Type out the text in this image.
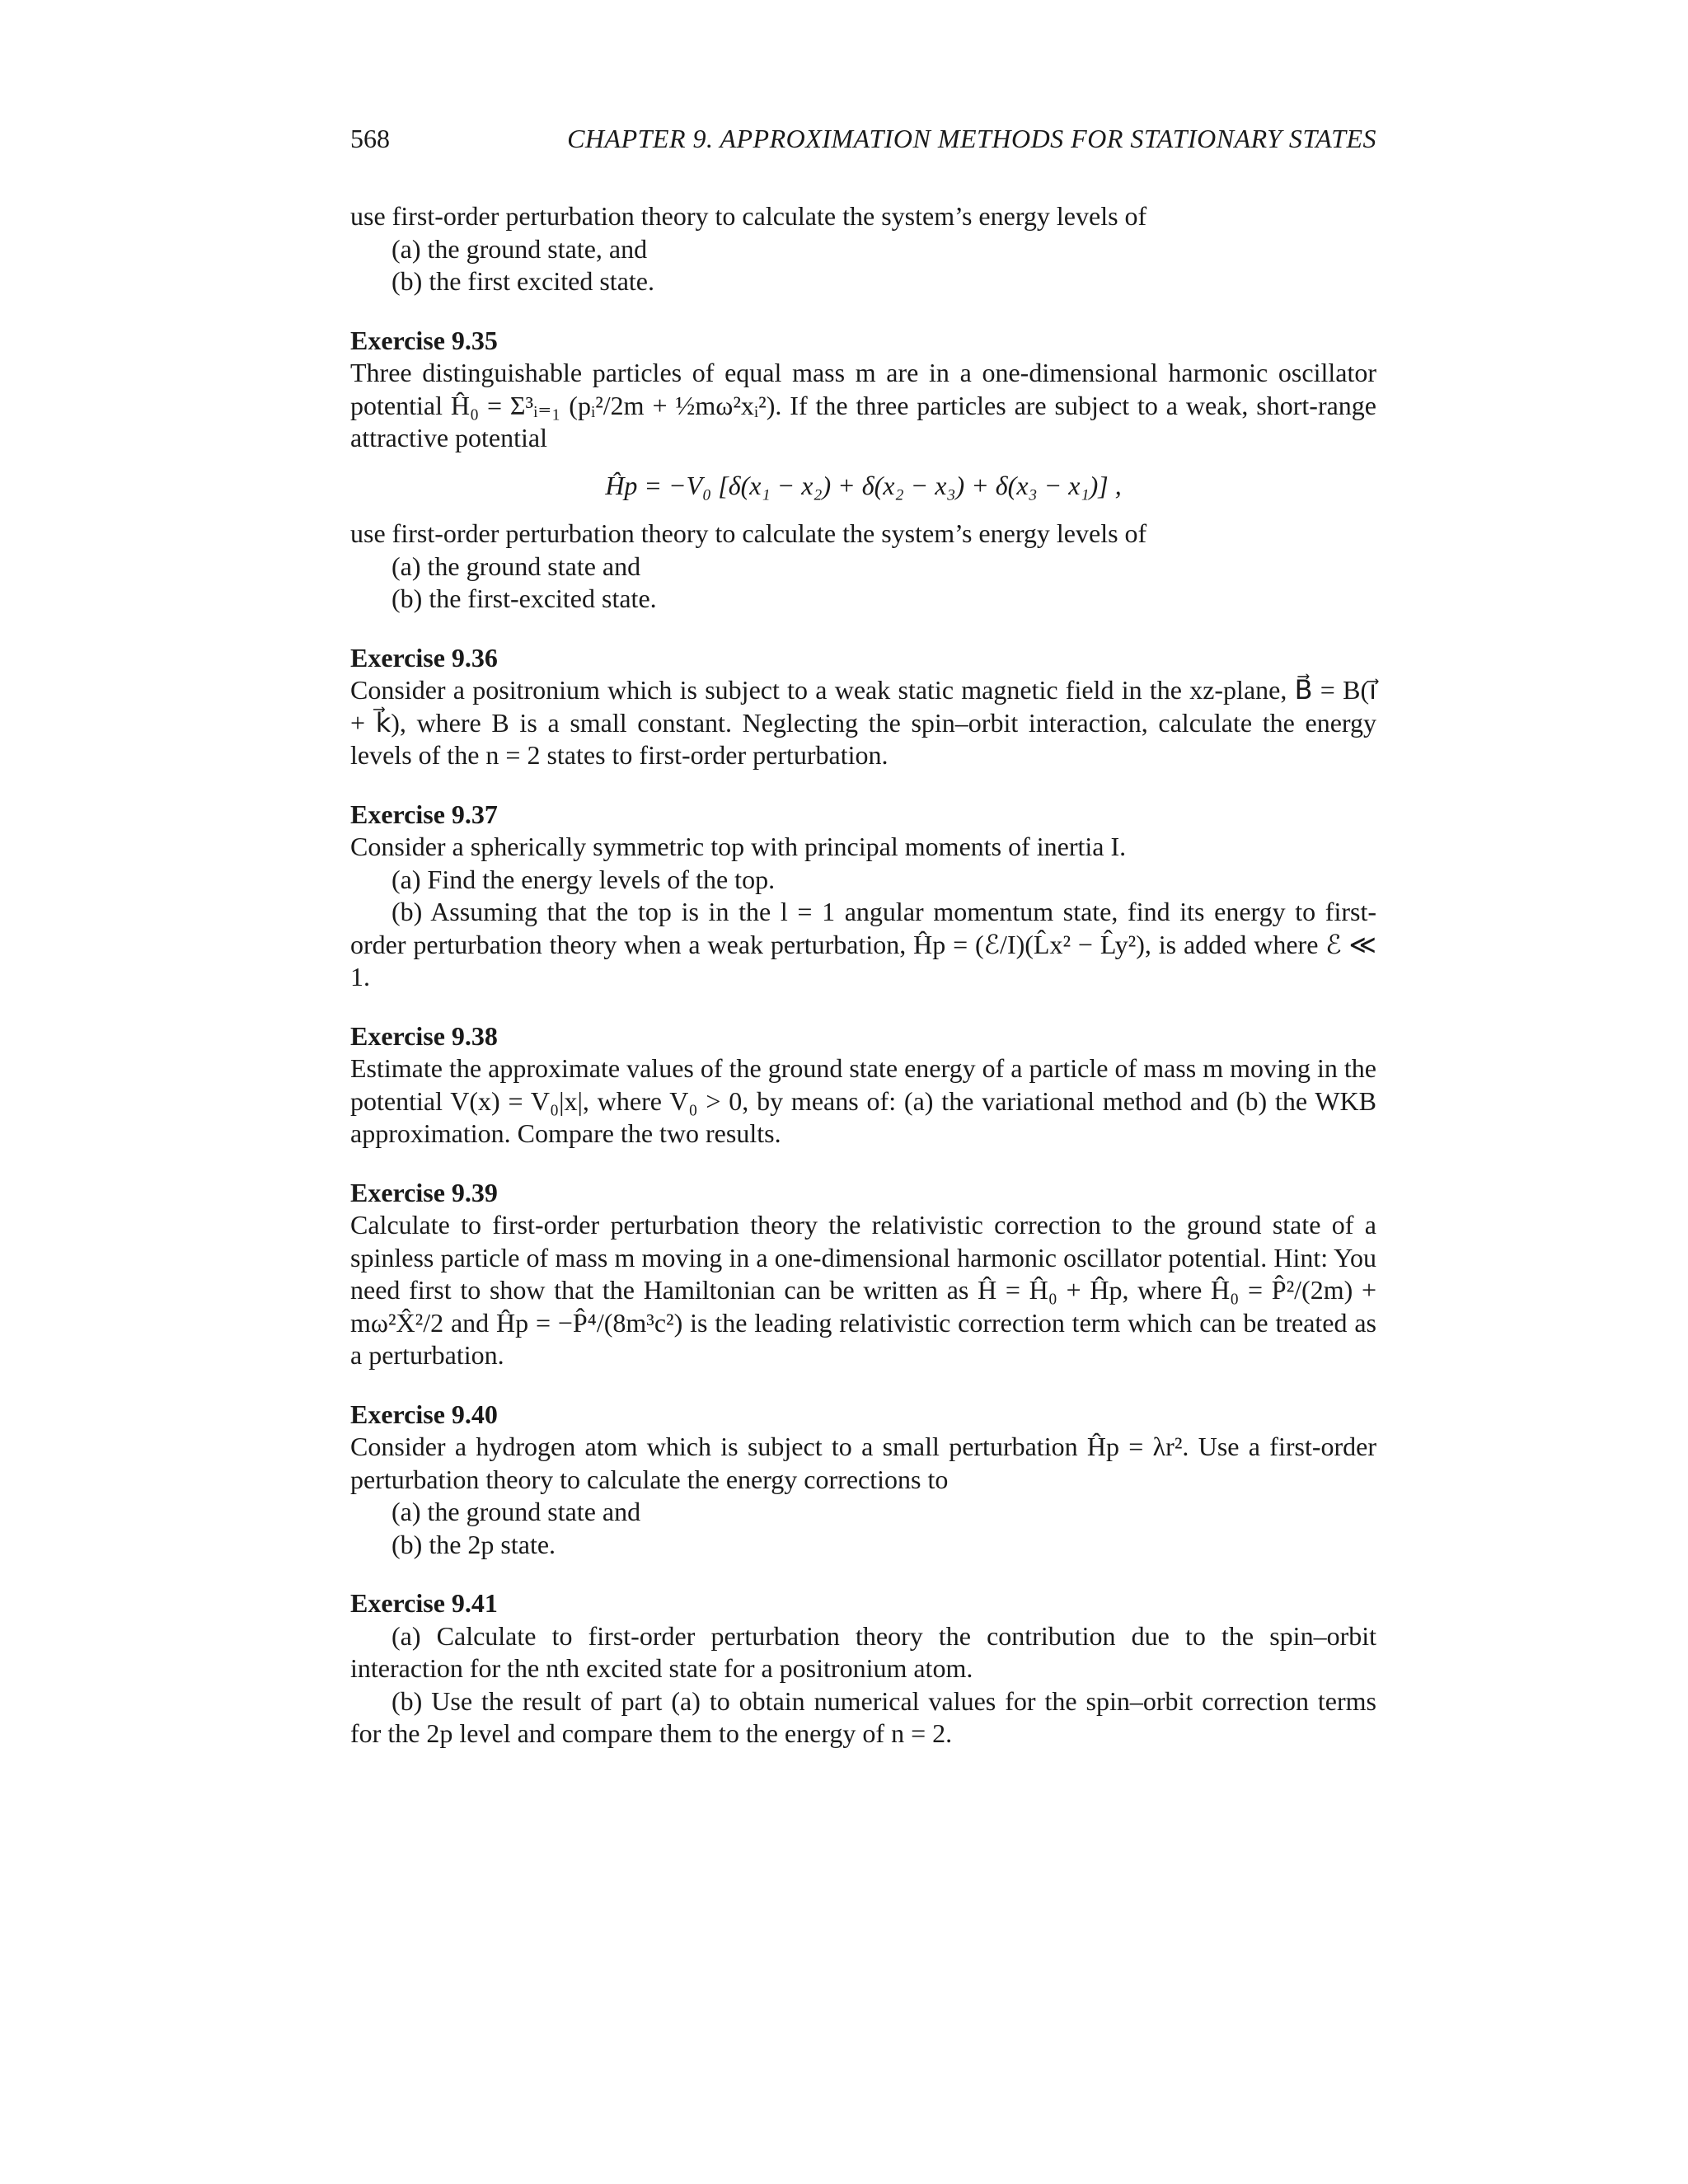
568	CHAPTER 9. APPROXIMATION METHODS FOR STATIONARY STATES

use first-order perturbation theory to calculate the system’s energy levels of

(a) the ground state, and

(b) the first excited state.

Exercise 9.35

Three distinguishable particles of equal mass m are in a one-dimensional harmonic oscillator potential Ĥ₀ = Σ³ᵢ₌₁ (pᵢ²/2m + ½mω²xᵢ²). If the three particles are subject to a weak, short-range attractive potential

Ĥp = −V₀ [δ(x₁ − x₂) + δ(x₂ − x₃) + δ(x₃ − x₁)] ,

use first-order perturbation theory to calculate the system’s energy levels of

(a) the ground state and

(b) the first-excited state.

Exercise 9.36

Consider a positronium which is subject to a weak static magnetic field in the xz-plane, B⃗ = B(i⃗ + k⃗), where B is a small constant. Neglecting the spin–orbit interaction, calculate the energy levels of the n = 2 states to first-order perturbation.

Exercise 9.37

Consider a spherically symmetric top with principal moments of inertia I.

(a) Find the energy levels of the top.

(b) Assuming that the top is in the l = 1 angular momentum state, find its energy to first-order perturbation theory when a weak perturbation, Ĥp = (ℰ/I)(L̂x² − L̂y²), is added where ℰ ≪ 1.

Exercise 9.38

Estimate the approximate values of the ground state energy of a particle of mass m moving in the potential V(x) = V₀|x|, where V₀ > 0, by means of: (a) the variational method and (b) the WKB approximation. Compare the two results.

Exercise 9.39

Calculate to first-order perturbation theory the relativistic correction to the ground state of a spinless particle of mass m moving in a one-dimensional harmonic oscillator potential. Hint: You need first to show that the Hamiltonian can be written as Ĥ = Ĥ₀ + Ĥp, where Ĥ₀ = P̂²/(2m) + mω²X̂²/2 and Ĥp = −P̂⁴/(8m³c²) is the leading relativistic correction term which can be treated as a perturbation.

Exercise 9.40

Consider a hydrogen atom which is subject to a small perturbation Ĥp = λr². Use a first-order perturbation theory to calculate the energy corrections to

(a) the ground state and

(b) the 2p state.

Exercise 9.41

(a) Calculate to first-order perturbation theory the contribution due to the spin–orbit interaction for the nth excited state for a positronium atom.

(b) Use the result of part (a) to obtain numerical values for the spin–orbit correction terms for the 2p level and compare them to the energy of n = 2.
